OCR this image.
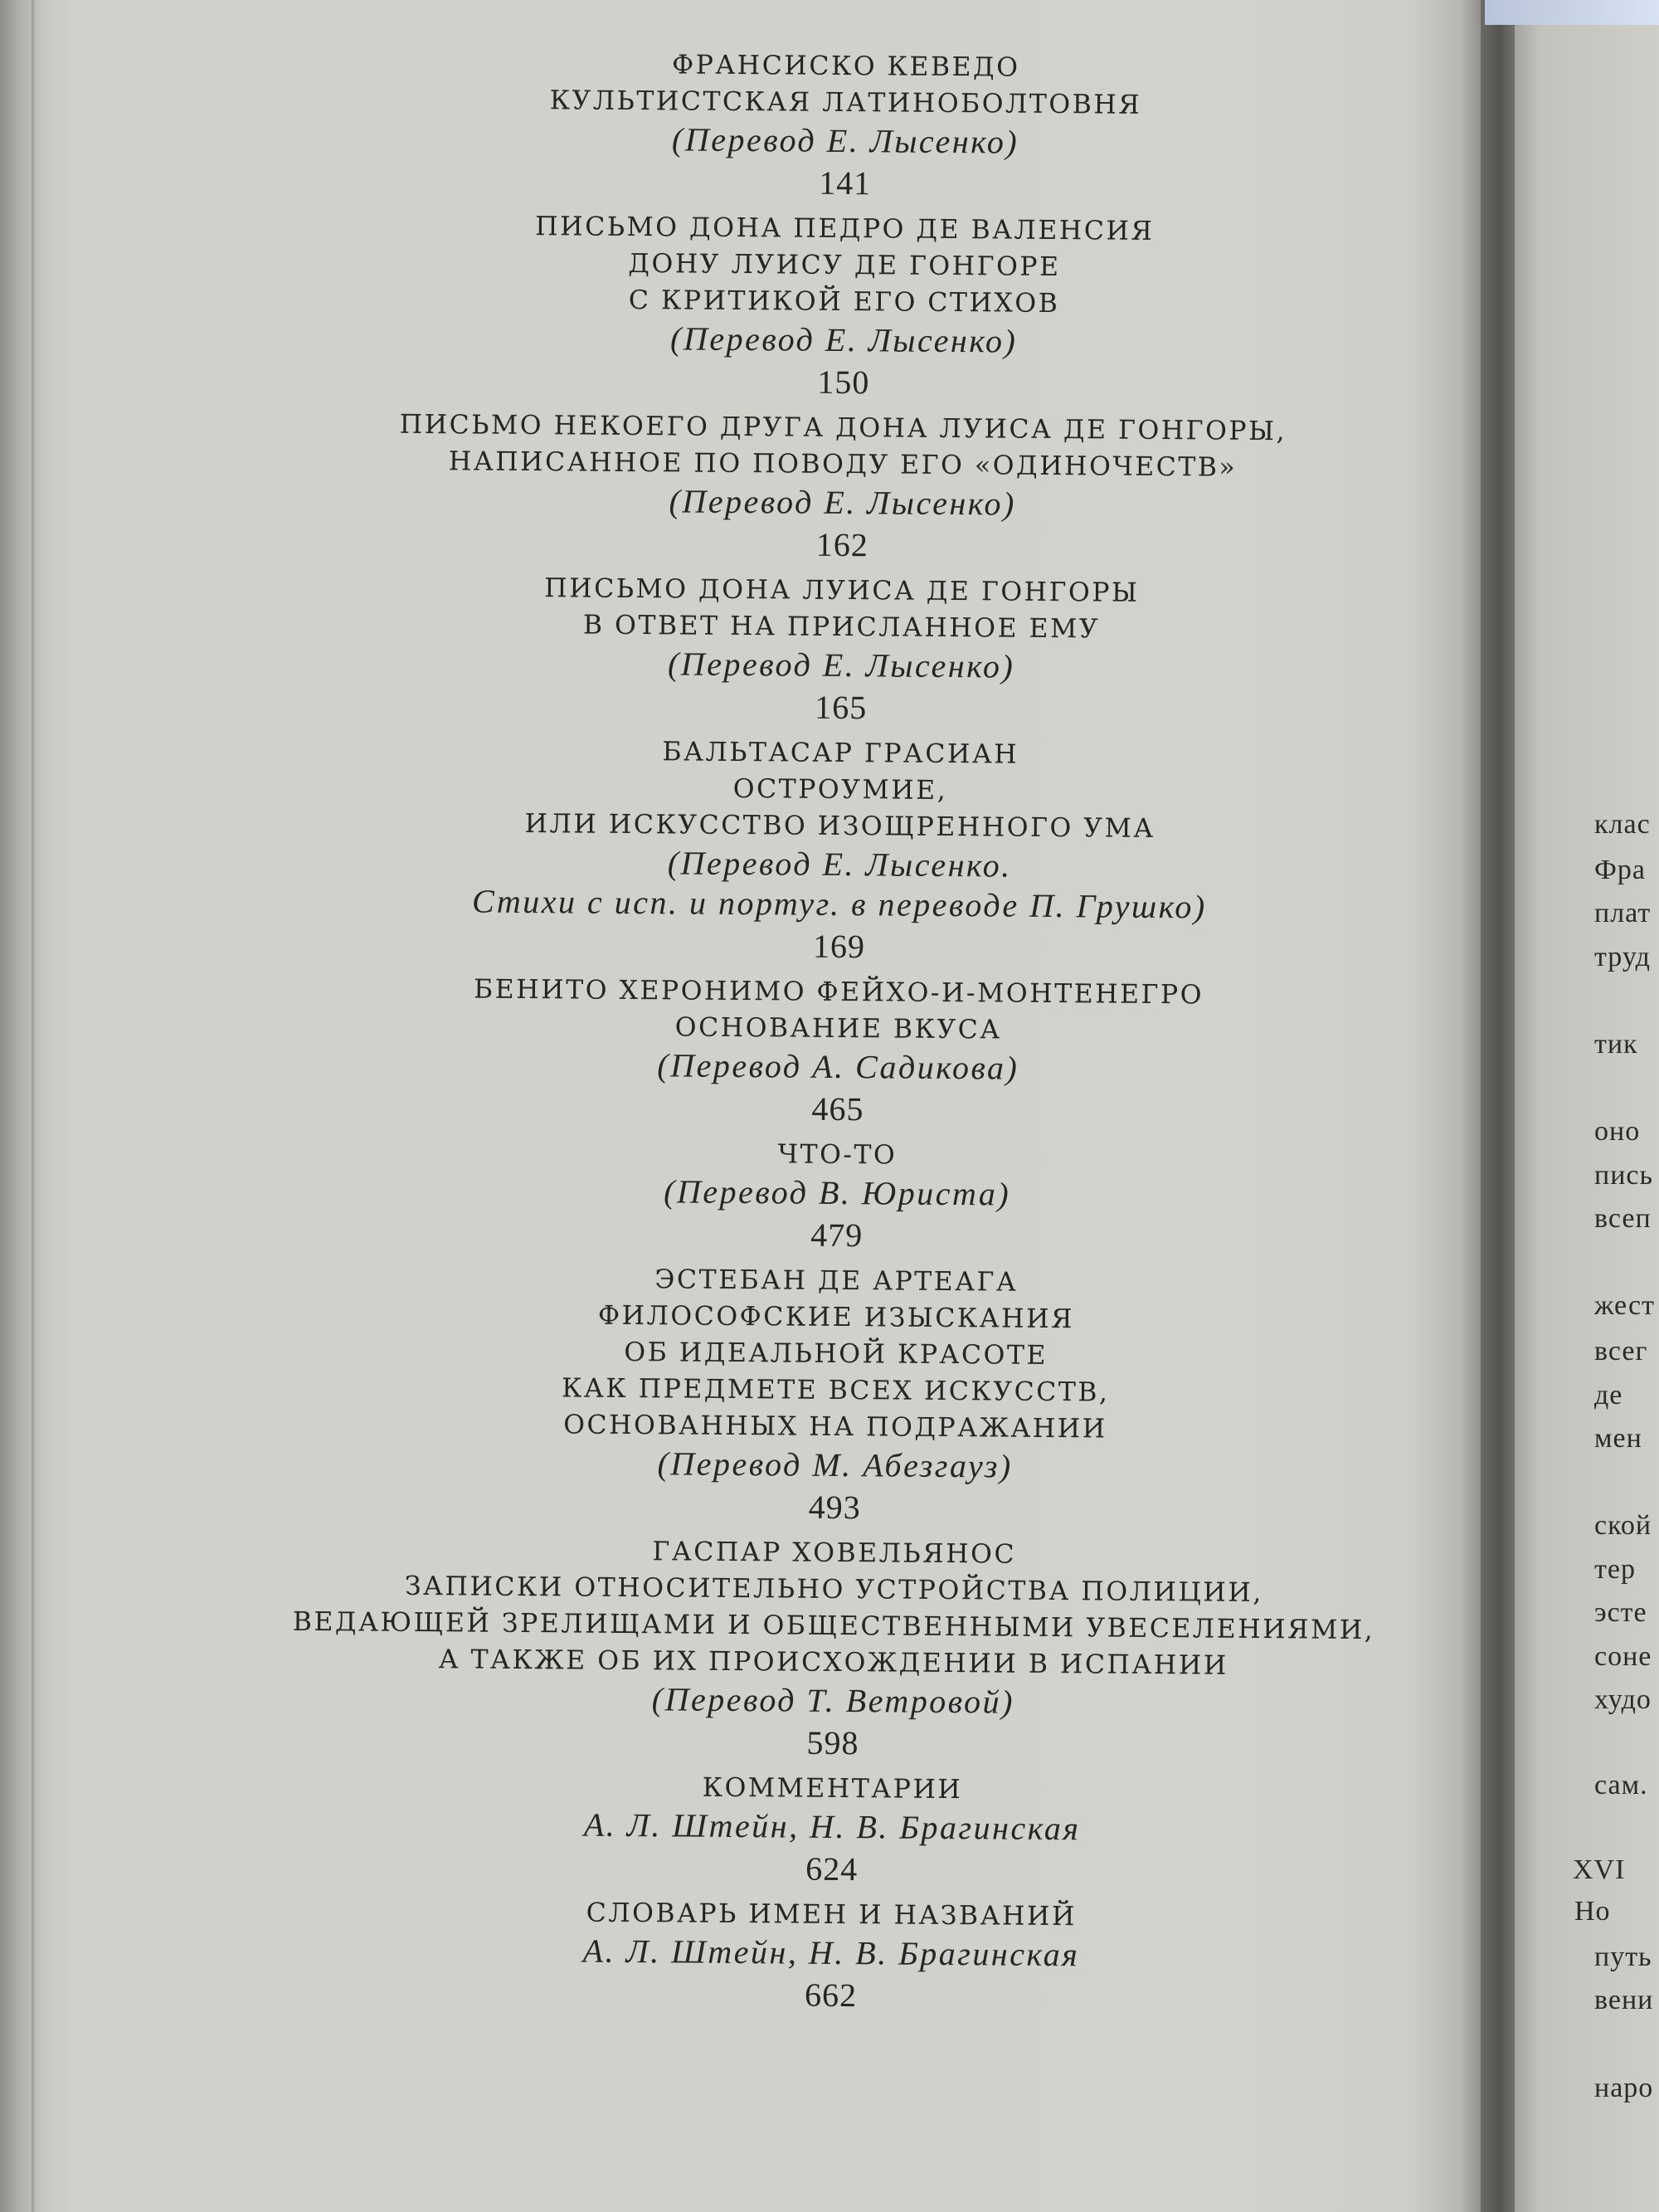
клас
Фра
плат
труд
тик
оно
пись
всеп
жест
всег
де
мен
ской
тер
эсте
соне
худо
сам.
XVI
Но
путь
вени
наро
ФРАНСИСКО КЕВЕДО
КУЛЬТИСТСКАЯ ЛАТИНОБОЛТОВНЯ
(Перевод Е. Лысенко)
141
ПИСЬМО ДОНА ПЕДРО ДЕ ВАЛЕНСИЯ
ДОНУ ЛУИСУ ДЕ ГОНГОРЕ
С КРИТИКОЙ ЕГО СТИХОВ
(Перевод Е. Лысенко)
150
ПИСЬМО НЕКОЕГО ДРУГА ДОНА ЛУИСА ДЕ ГОНГОРЫ,
НАПИСАННОЕ ПО ПОВОДУ ЕГО «ОДИНОЧЕСТВ»
(Перевод Е. Лысенко)
162
ПИСЬМО ДОНА ЛУИСА ДЕ ГОНГОРЫ
В ОТВЕТ НА ПРИСЛАННОЕ ЕМУ
(Перевод Е. Лысенко)
165
БАЛЬТАСАР ГРАСИАН
ОСТРОУМИЕ,
ИЛИ ИСКУССТВО ИЗОЩРЕННОГО УМА
(Перевод Е. Лысенко.
Стихи с исп. и португ. в переводе П. Грушко)
169
БЕНИТО ХЕРОНИМО ФЕЙХО-И-МОНТЕНЕГРО
ОСНОВАНИЕ ВКУСА
(Перевод А. Садикова)
465
ЧТО-ТО
(Перевод В. Юриста)
479
ЭСТЕБАН ДЕ АРТЕАГА
ФИЛОСОФСКИЕ ИЗЫСКАНИЯ
ОБ ИДЕАЛЬНОЙ КРАСОТЕ
КАК ПРЕДМЕТЕ ВСЕХ ИСКУССТВ,
ОСНОВАННЫХ НА ПОДРАЖАНИИ
(Перевод М. Абезгауз)
493
ГАСПАР ХОВЕЛЬЯНОС
ЗАПИСКИ ОТНОСИТЕЛЬНО УСТРОЙСТВА ПОЛИЦИИ,
ВЕДАЮЩЕЙ ЗРЕЛИЩАМИ И ОБЩЕСТВЕННЫМИ УВЕСЕЛЕНИЯМИ,
А ТАКЖЕ ОБ ИХ ПРОИСХОЖДЕНИИ В ИСПАНИИ
(Перевод Т. Ветровой)
598
КОММЕНТАРИИ
А. Л. Штейн, Н. В. Брагинская
624
СЛОВАРЬ ИМЕН И НАЗВАНИЙ
А. Л. Штейн, Н. В. Брагинская
662
